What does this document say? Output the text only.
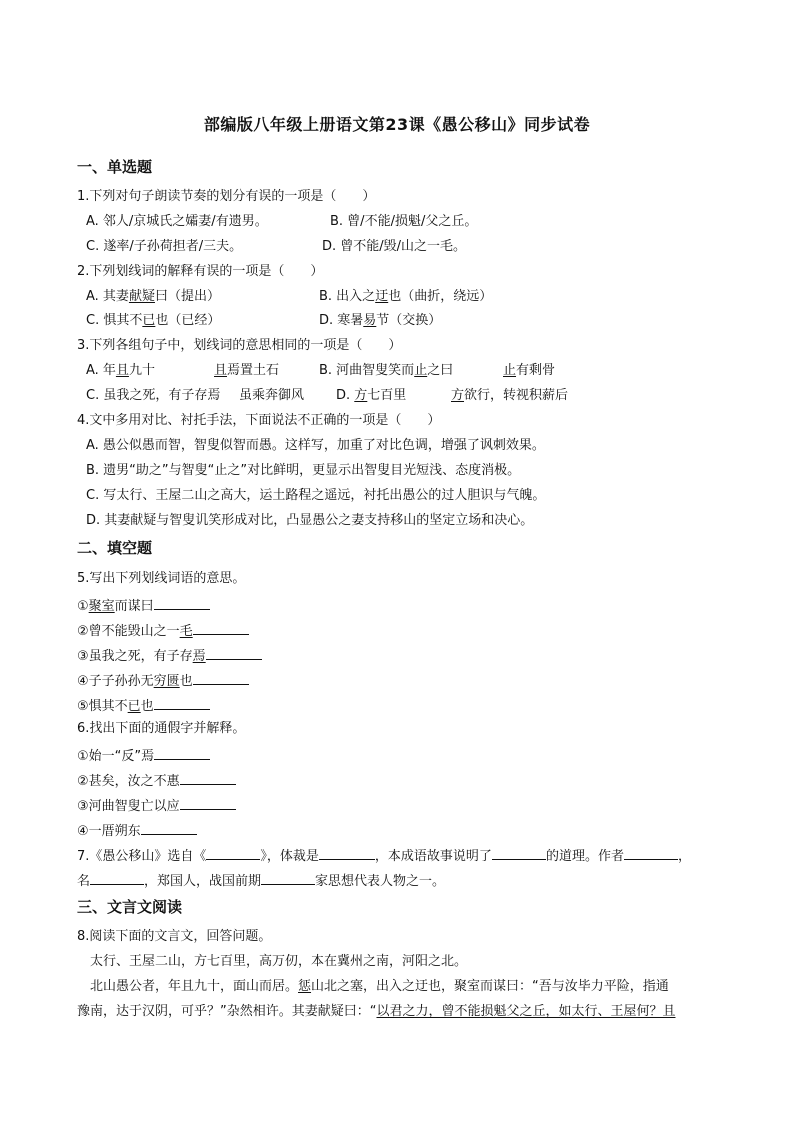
部编版八年级上册语文第23课《愚公移山》同步试卷
一、单选题
1.下列对句子朗读节奏的划分有误的一项是（　　）
A. 邻人/京城氏之孀妻/有遗男。	B. 曾/不能/损魁/父之丘。
C. 遂率/子孙荷担者/三夫。	D. 曾不能/毁/山之一毛。
2.下列划线词的解释有误的一项是（　　）
A. 其妻献疑曰（提出）	B. 出入之迂也（曲折，绕远）
C. 惧其不已也（已经）	D. 寒暑易节（交换）
3.下列各组句子中，划线词的意思相同的一项是（　　）
A. 年且九十	且焉置土石	B. 河曲智叟笑而止之曰	止有剩骨
C. 虽我之死，有子存焉 虽乘奔御风 D. 方七百里	方欲行，转视积薪后
4.文中多用对比、衬托手法，下面说法不正确的一项是（　　）
A. 愚公似愚而智，智叟似智而愚。这样写，加重了对比色调，增强了讽刺效果。
B. 遗男“助之”与智叟“止之”对比鲜明，更显示出智叟目光短浅、态度消极。
C. 写太行、王屋二山之高大，运土路程之遥远，衬托出愚公的过人胆识与气魄。
D. 其妻献疑与智叟讥笑形成对比，凸显愚公之妻支持移山的坚定立场和决心。
二、填空题
5.写出下列划线词语的意思。
①聚室而谋曰
②曾不能毁山之一毛
③虽我之死，有子存焉
④子子孙孙无穷匮也
⑤惧其不已也
6.找出下面的通假字并解释。
①始一“反”焉
②甚矣，汝之不惠
③河曲智叟亡以应
④一厝朔东
7.《愚公移山》选自《	》，体裁是	，本成语故事说明了	的道理。作者	，
名	，郑国人，战国前期	家思想代表人物之一。
三、文言文阅读
8.阅读下面的文言文，回答问题。
太行、王屋二山，方七百里，高万仞，本在冀州之南，河阳之北。
北山愚公者，年且九十，面山而居。惩山北之塞，出入之迂也，聚室而谋曰：“吾与汝毕力平险，指通
豫南，达于汉阴，可乎？”杂然相许。其妻献疑曰：“以君之力，曾不能损魁父之丘，如太行、王屋何？且
